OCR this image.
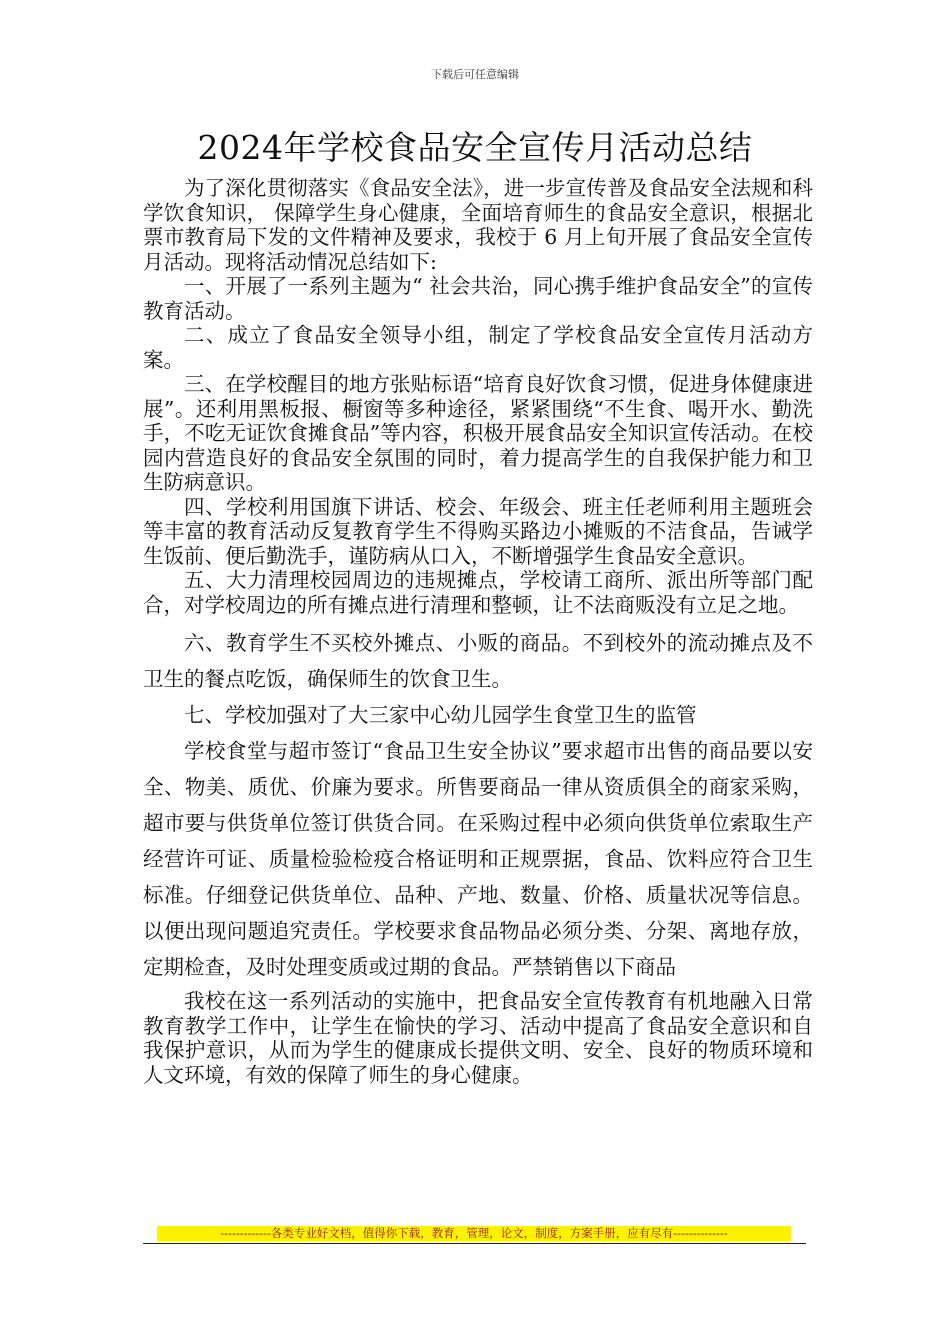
下载后可任意编辑
2024年学校食品安全宣传月活动总结

为了深化贯彻落实《食品安全法》，进一步宣传普及食品安全法规和科学饮食知识， 保障学生身心健康，全面培育师生的食品安全意识，根据北票市教育局下发的文件精神及要求，我校于 6 月上旬开展了食品安全宣传月活动。现将活动情况总结如下:

一、开展了一系列主题为“ 社会共治，同心携手维护食品安全”的宣传教育活动。

二、成立了食品安全领导小组，制定了学校食品安全宣传月活动方案。

三、在学校醒目的地方张贴标语“培育良好饮食习惯，促进身体健康进展”。还利用黑板报、橱窗等多种途径，紧紧围绕“不生食、喝开水、勤洗手，不吃无证饮食摊食品”等内容，积极开展食品安全知识宣传活动。在校园内营造良好的食品安全氛围的同时，着力提高学生的自我保护能力和卫生防病意识。

四、学校利用国旗下讲话、校会、年级会、班主任老师利用主题班会等丰富的教育活动反复教育学生不得购买路边小摊贩的不洁食品，告诫学生饭前、便后勤洗手，谨防病从口入，不断增强学生食品安全意识。

五、大力清理校园周边的违规摊点，学校请工商所、派出所等部门配合，对学校周边的所有摊点进行清理和整顿，让不法商贩没有立足之地。

六、教育学生不买校外摊点、小贩的商品。不到校外的流动摊点及不卫生的餐点吃饭，确保师生的饮食卫生。

七、学校加强对了大三家中心幼儿园学生食堂卫生的监管

学校食堂与超市签订“食品卫生安全协议”要求超市出售的商品要以安全、物美、质优、价廉为要求。所售要商品一律从资质俱全的商家采购，超市要与供货单位签订供货合同。在采购过程中必须向供货单位索取生产经营许可证、质量检验检疫合格证明和正规票据，食品、饮料应符合卫生标准。仔细登记供货单位、品种、产地、数量、价格、质量状况等信息。以便出现问题追究责任。学校要求食品物品必须分类、分架、离地存放，定期检查，及时处理变质或过期的食品。严禁销售以下商品

我校在这一系列活动的实施中，把食品安全宣传教育有机地融入日常教育教学工作中，让学生在愉快的学习、活动中提高了食品安全意识和自我保护意识，从而为学生的健康成长提供文明、安全、良好的物质环境和人文环境，有效的保障了师生的身心健康。

-------------各类专业好文档，值得你下载，教育，管理，论文，制度，方案手册，应有尽有--------------
